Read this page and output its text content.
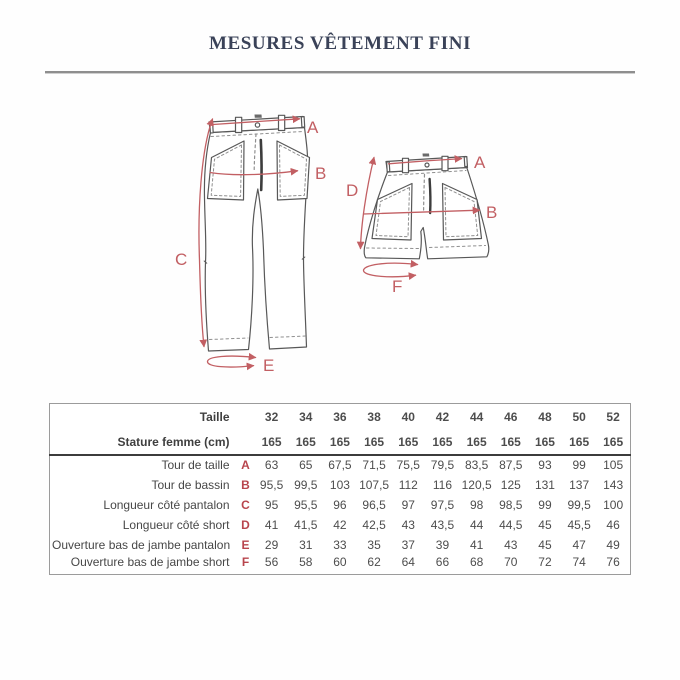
MESURES VÊTEMENT FINI
A
B
C
E
A
B
D
F
Taille		32	34	36	38	40	42	44	46	48	50	52
Stature femme (cm)		165	165	165	165	165	165	165	165	165	165	165
Tour de taille	A	63	65	67,5	71,5	75,5	79,5	83,5	87,5	93	99	105
Tour de bassin	B	95,5	99,5	103	107,5	112	116	120,5	125	131	137	143
Longueur côté pantalon	C	95	95,5	96	96,5	97	97,5	98	98,5	99	99,5	100
Longueur côté short	D	41	41,5	42	42,5	43	43,5	44	44,5	45	45,5	46
Ouverture bas de jambe pantalon	E	29	31	33	35	37	39	41	43	45	47	49
Ouverture bas de jambe short	F	56	58	60	62	64	66	68	70	72	74	76
